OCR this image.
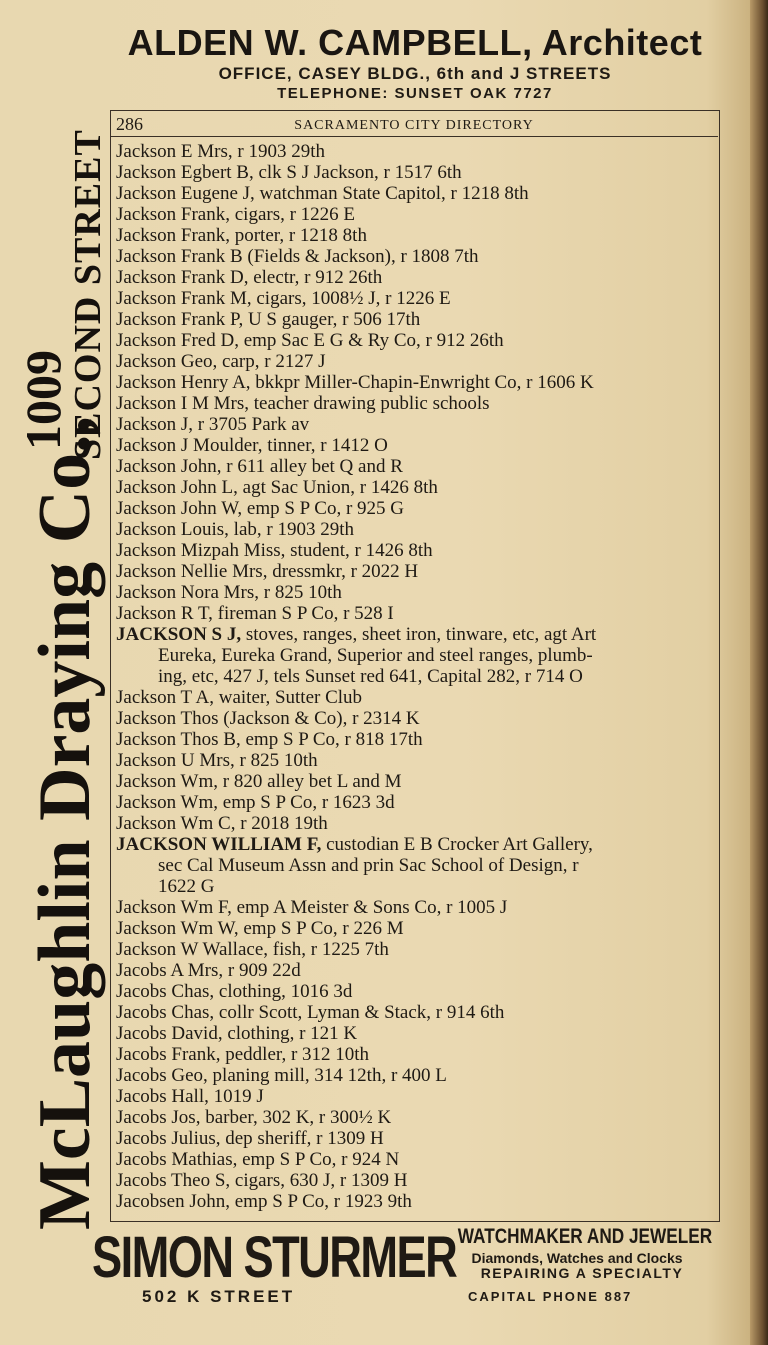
ALDEN W. CAMPBELL, Architect
OFFICE, CASEY BLDG., 6th and J STREETS
TELEPHONE: SUNSET OAK 7727
McLaughlin Draying Co.,
1009
SECOND STREET
286	SACRAMENTO CITY DIRECTORY
Jackson E Mrs, r 1903 29th
Jackson Egbert B, clk S J Jackson, r 1517 6th
Jackson Eugene J, watchman State Capitol, r 1218 8th
Jackson Frank, cigars, r 1226 E
Jackson Frank, porter, r 1218 8th
Jackson Frank B (Fields & Jackson), r 1808 7th
Jackson Frank D, electr, r 912 26th
Jackson Frank M, cigars, 1008½ J, r 1226 E
Jackson Frank P, U S gauger, r 506 17th
Jackson Fred D, emp Sac E G & Ry Co, r 912 26th
Jackson Geo, carp, r 2127 J
Jackson Henry A, bkkpr Miller-Chapin-Enwright Co, r 1606 K
Jackson I M Mrs, teacher drawing public schools
Jackson J, r 3705 Park av
Jackson J Moulder, tinner, r 1412 O
Jackson John, r 611 alley bet Q and R
Jackson John L, agt Sac Union, r 1426 8th
Jackson John W, emp S P Co, r 925 G
Jackson Louis, lab, r 1903 29th
Jackson Mizpah Miss, student, r 1426 8th
Jackson Nellie Mrs, dressmkr, r 2022 H
Jackson Nora Mrs, r 825 10th
Jackson R T, fireman S P Co, r 528 I
JACKSON S J, stoves, ranges, sheet iron, tinware, etc, agt Art
Eureka, Eureka Grand, Superior and steel ranges, plumb-
ing, etc, 427 J, tels Sunset red 641, Capital 282, r 714 O
Jackson T A, waiter, Sutter Club
Jackson Thos (Jackson & Co), r 2314 K
Jackson Thos B, emp S P Co, r 818 17th
Jackson U Mrs, r 825 10th
Jackson Wm, r 820 alley bet L and M
Jackson Wm, emp S P Co, r 1623 3d
Jackson Wm C, r 2018 19th
JACKSON WILLIAM F, custodian E B Crocker Art Gallery,
sec Cal Museum Assn and prin Sac School of Design, r
1622 G
Jackson Wm F, emp A Meister & Sons Co, r 1005 J
Jackson Wm W, emp S P Co, r 226 M
Jackson W Wallace, fish, r 1225 7th
Jacobs A Mrs, r 909 22d
Jacobs Chas, clothing, 1016 3d
Jacobs Chas, collr Scott, Lyman & Stack, r 914 6th
Jacobs David, clothing, r 121 K
Jacobs Frank, peddler, r 312 10th
Jacobs Geo, planing mill, 314 12th, r 400 L
Jacobs Hall, 1019 J
Jacobs Jos, barber, 302 K, r 300½ K
Jacobs Julius, dep sheriff, r 1309 H
Jacobs Mathias, emp S P Co, r 924 N
Jacobs Theo S, cigars, 630 J, r 1309 H
Jacobsen John, emp S P Co, r 1923 9th
SIMON STURMER WATCHMAKER AND JEWELER
Diamonds, Watches and Clocks
REPAIRING A SPECIALTY
502 K STREET	CAPITAL PHONE 887
